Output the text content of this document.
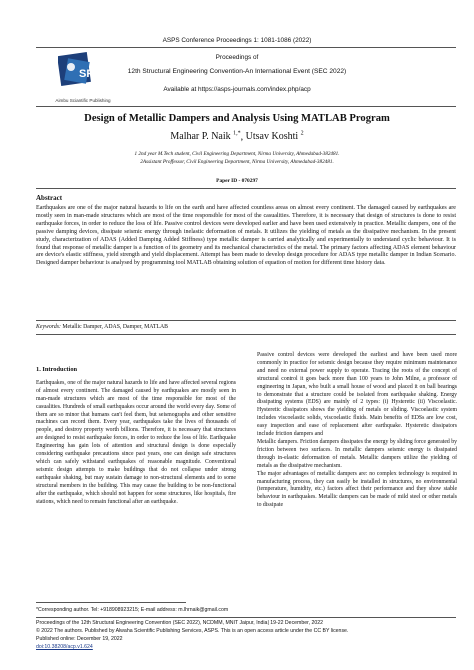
ASPS Conference Proceedings 1: 1081-1086 (2022)
SPS
Aimbu Sciantific Publishing
Proceedings of
12th Structural Engineering Convention-An International Event (SEC 2022)
Available at https://asps-journals.com/index.php/acp
Design of Metallic Dampers and Analysis Using MATLAB Program
Malhar P. Naik $^{1,*}$, Utsav Koshti $^2$
1 2nd year M.Tech student, Civil Engineering Department, Nirma University, Ahmedabad-382481.
2Assistant Proffessor, Civil Engineering Department, Nirma University, Ahmedabad-382481.
Paper ID - 070297
Abstract
Earthquakes are one of the major natural hazards to life on the earth and have affected countless areas on almost every continent. The damaged caused by earthquakes are mostly seen in man-made structures which are most of the time responsible for most of the casualities. Therefore, it is necessary that design of structures is done to resist earthquake forces, in order to reduce the loss of life. Passive control devices were developed earlier and have been used extensively in practice. Metallic dampers, one of the passive damping devices, dissipate seismic energy through inelastic deformation of metals. It utilizes the yielding of metals as the dissipative mechanism. In the present study, characterization of ADAS (Added Damping Added Stiffness) type metallic damper is carried analytically and experimentally to understand cyclic behaviour. It is found that response of metallic damper is a function of its geometry and its mechanical characteristics of the metal. The primary factors affecting ADAS element behaviour are device's elastic stiffness, yield strength and yield displacement. Attempt has been made to develop design procedure for ADAS type metallic damper in Indian Scenario. Designed damper behaviour is analysed by programming tool MATLAB obtaining solution of equation of motion for different time history data.
Keywords: Metallic Damper, ADAS, Damper, MATLAB
1. Introduction

Earthquakes, one of the major natural hazards to life and have affected several regions of almost every continent. The damaged caused by earthquakes are mostly seen in man-made structures which are most of the time responsible for most of the casualities. Hundreds of small earthquakes occur around the world every day. Some of them are so minor that humans can't feel them, but seismographs and other sensitive machines can record them. Every year, earthquakes take the lives of thousands of people, and destroy property worth billions. Therefore, it is necessary that structures are designed to resist earthquake forces, in order to reduce the loss of life. Earthquake Engineering has gain lots of attention and structural design is done especially considering earthquake precautions since past years, one can design safe structures which can safely withstand earthquakes of reasonable magnitude. Conventional seismic design attempts to make buildings that do not collapse under strong earthquake shaking, but may sustain damage to non-structural elements and to some structural members in the building. This may cause the building to be non-functional after the earthquake, which should not happen for some structures, like hospitals, fire stations, which need to remain functional after an earthquake.

Passive control devices were developed the earliest and have been used more commonly in practice for seismic design because they require minimum maintenance and need no external power supply to operate. Tracing the roots of the concept of structural control it goes back more than 100 years to John Milne, a professor of engineering in Japan, who built a small house of wood and placed it on ball bearings to demonstrate that a structure could be isolated from earthquake shaking. Energy dissipating systems (EDS) are mainly of 2 types: (i) Hysteretic (ii) Viscoelastic. Hysteretic dissipators shows the yielding of metals or sliding. Viscoelastic system includes viscoelastic solids, viscoelastic fluids. Main benefits of EDSs are low cost, easy inspection and ease of replacement after earthquake. Hysteretic dissipators include friction dampers and

Metallic dampers. Friction dampers dissipates the energy by sliding force generated by friction between two surfaces. In metallic dampers seismic energy is dissipated through in-elastic deformation of metals. Metallic dampers utilize the yielding of metals as the dissipative mechanism.

The major advantages of metallic dampers are: no complex technology is required in manufacturing process, they can easily be installed in structures, no environmental (temperature, humidity, etc.) factors affect their performance and they show stable behaviour in earthquakes. Metallic dampers can be made of mild steel or other metals to dissipate

*Corresponding author. Tel: +918908923215; E-mail address: m.lhrnaik@gmail.com
Proceedings of the 12th Structural Engineering Convention (SEC 2022), NCDMM, MNIT Jaipur, India| 19-22 December, 2022
© 2022 The authors. Published by Alwaha Scientific Publishing Services, ASPS. This is an open access article under the CC BY license.
Published online: December 19, 2022
doi:10.38208/acp.v1.624
